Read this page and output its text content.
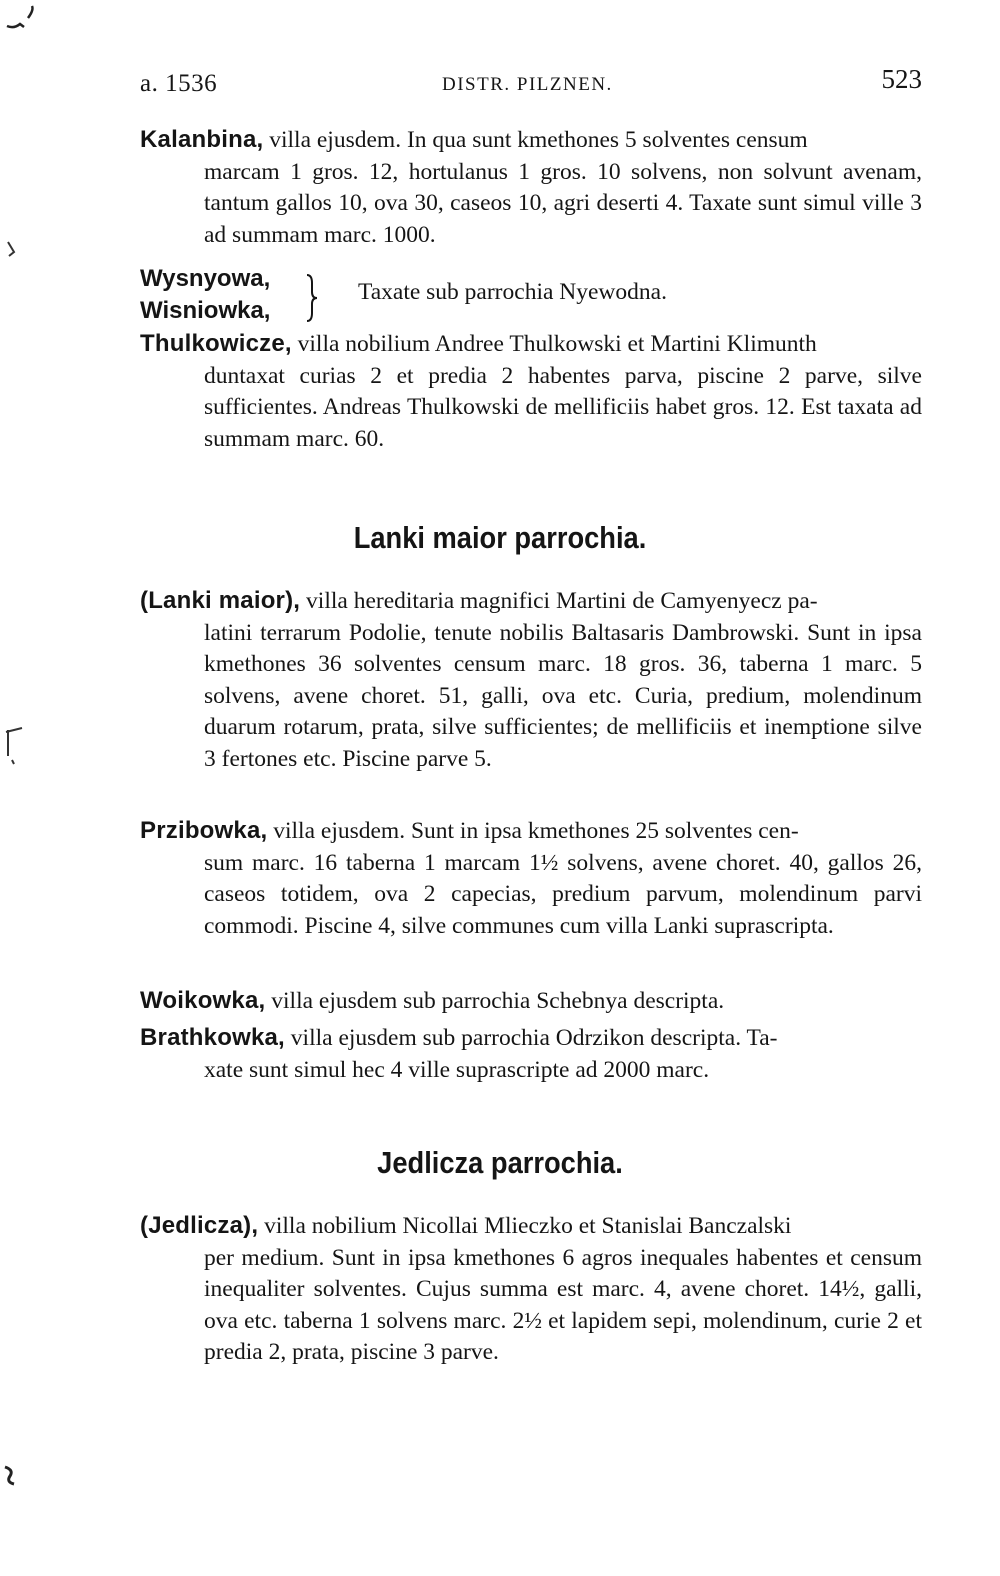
a. 1536	DISTR. PILZNEN.	523
Kalanbina, villa ejusdem. In qua sunt kmethones 5 solventes censum
marcam 1 gros. 12, hortulanus 1 gros. 10 solvens, non solvunt avenam, tantum gallos 10, ova 30, caseos 10, agri deserti 4. Taxate sunt simul ville 3 ad summam marc. 1000.
Wysnyowa,
Wisniowka,
Taxate sub parrochia Nyewodna.
Thulkowicze, villa nobilium Andree Thulkowski et Martini Klimunth
duntaxat curias 2 et predia 2 habentes parva, piscine 2 parve, silve sufficientes. Andreas Thulkowski de mellificiis habet gros. 12. Est taxata ad summam marc. 60.
Lanki maior parrochia.
(Lanki maior), villa hereditaria magnifici Martini de Camyenyecz pa-
latini terrarum Podolie, tenute nobilis Baltasaris Dambrowski. Sunt in ipsa kmethones 36 solventes censum marc. 18 gros. 36, taberna 1 marc. 5 solvens, avene choret. 51, galli, ova etc. Curia, predium, molendinum duarum rotarum, prata, silve sufficientes; de mellificiis et inemptione silve 3 fertones etc. Piscine parve 5.
Przibowka, villa ejusdem. Sunt in ipsa kmethones 25 solventes cen-
sum marc. 16 taberna 1 marcam 1½ solvens, avene choret. 40, gallos 26, caseos totidem, ova 2 capecias, predium parvum, molendinum parvi commodi. Piscine 4, silve communes cum villa Lanki suprascripta.
Woikowka, villa ejusdem sub parrochia Schebnya descripta.
Brathkowka, villa ejusdem sub parrochia Odrzikon descripta. Ta-
xate sunt simul hec 4 ville suprascripte ad 2000 marc.
Jedlicza parrochia.
(Jedlicza), villa nobilium Nicollai Mlieczko et Stanislai Banczalski
per medium. Sunt in ipsa kmethones 6 agros inequales habentes et censum inequaliter solventes. Cujus summa est marc. 4, avene choret. 14½, galli, ova etc. taberna 1 solvens marc. 2½ et lapidem sepi, molendinum, curie 2 et predia 2, prata, piscine 3 parve.
